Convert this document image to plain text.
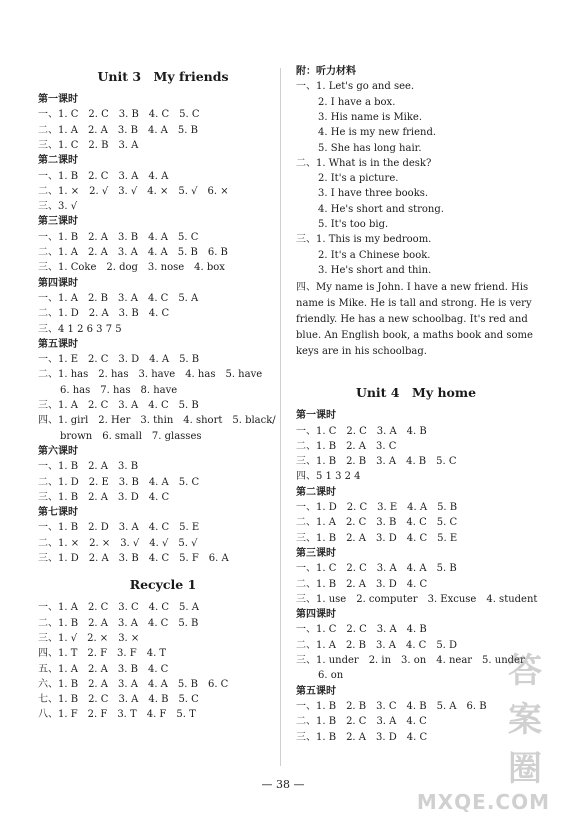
Unit 3　My friends
第一课时
一、1. C　2. C　3. B　4. C　5. C
二、1. A　2. A　3. B　4. A　5. B
三、1. C　2. B　3. A
第二课时
一、1. B　2. C　3. A　4. A
二、1. ×　2. √　3. √　4. ×　5. √　6. ×
三、3. √
第三课时
一、1. B　2. A　3. B　4. A　5. C
二、1. A　2. A　3. A　4. A　5. B　6. B
三、1. Coke　2. dog　3. nose　4. box
第四课时
一、1. A　2. B　3. A　4. C　5. A
二、1. D　2. A　3. B　4. C
三、4 1 2 6 3 7 5
第五课时
一、1. E　2. C　3. D　4. A　5. B
二、1. has　2. has　3. have　4. has　5. have
6. has　7. has　8. have
三、1. A　2. C　3. A　4. C　5. B
四、1. girl　2. Her　3. thin　4. short　5. black/
brown　6. small　7. glasses
第六课时
一、1. B　2. A　3. B
二、1. D　2. E　3. B　4. A　5. C
三、1. B　2. A　3. D　4. C
第七课时
一、1. B　2. D　3. A　4. C　5. E
二、1. ×　2. ×　3. √　4. √　5. √
三、1. D　2. A　3. B　4. C　5. F　6. A
Recycle 1
一、1. A　2. C　3. C　4. C　5. A
二、1. B　2. A　3. A　4. C　5. B
三、1. √　2. ×　3. ×
四、1. T　2. F　3. F　4. T
五、1. A　2. A　3. B　4. C
六、1. B　2. A　3. A　4. A　5. B　6. C
七、1. B　2. C　3. A　4. B　5. C
八、1. F　2. F　3. T　4. F　5. T
附：听力材料
一、1. Let's go and see.
2. I have a box.
3. His name is Mike.
4. He is my new friend.
5. She has long hair.
二、1. What is in the desk?
2. It's a picture.
3. I have three books.
4. He's short and strong.
5. It's too big.
三、1. This is my bedroom.
2. It's a Chinese book.
3. He's short and thin.
四、My name is John. I have a new friend. His name is Mike. He is tall and strong. He is very friendly. He has a new schoolbag. It's red and blue. An English book, a maths book and some keys are in his schoolbag.
Unit 4　My home
第一课时
一、1. C　2. C　3. A　4. B
二、1. B　2. A　3. C
三、1. B　2. B　3. A　4. B　5. C
四、5 1 3 2 4
第二课时
一、1. D　2. C　3. E　4. A　5. B
二、1. A　2. C　3. B　4. C　5. C
三、1. B　2. A　3. D　4. C　5. E
第三课时
一、1. C　2. C　3. A　4. A　5. B
二、1. B　2. A　3. D　4. C
三、1. use　2. computer　3. Excuse　4. student
第四课时
一、1. C　2. C　3. A　4. B
二、1. A　2. B　3. A　4. C　5. D
三、1. under　2. in　3. on　4. near　5. under
6. on
第五课时
一、1. B　2. B　3. C　4. B　5. A　6. B
二、1. B　2. C　3. A　4. C
三、1. B　2. A　3. D　4. C
— 38 —
答案圈
MXQE.COM
